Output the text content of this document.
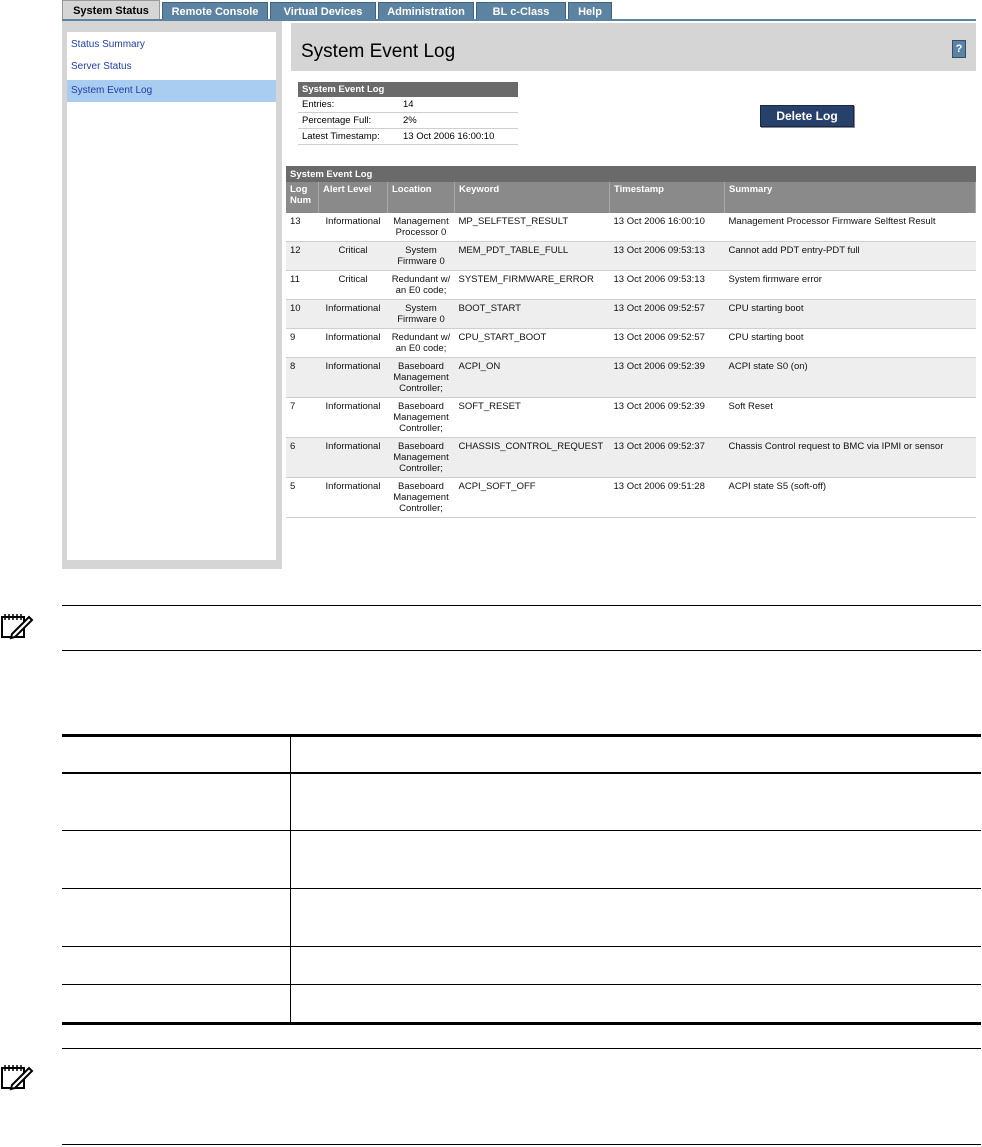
System Status	Remote Console	Virtual Devices	Administration	BL c-Class	Help
Status Summary
Server Status
System Event Log
System Event Log	?
System Event Log
Entries:	14
Percentage Full:	2%
Latest Timestamp: 13 Oct 2006 16:00:10
Delete Log
System Event Log					
Log Num	Alert Level	Location	Keyword	Timestamp	Summary
13	Informational	Management Processor 0	MP_SELFTEST_RESULT	13 Oct 2006 16:00:10	Management Processor Firmware Selftest Result
12	Critical	System Firmware 0	MEM_PDT_TABLE_FULL	13 Oct 2006 09:53:13	Cannot add PDT entry-PDT full
11	Critical	Redundant w/ an E0 code;	SYSTEM_FIRMWARE_ERROR	13 Oct 2006 09:53:13	System firmware error
10	Informational	System Firmware 0	BOOT_START	13 Oct 2006 09:52:57	CPU starting boot
9	Informational	Redundant w/ an E0 code;	CPU_START_BOOT	13 Oct 2006 09:52:57	CPU starting boot
8	Informational	Baseboard Management Controller;	ACPI_ON	13 Oct 2006 09:52:39	ACPI state S0 (on)
7	Informational	Baseboard Management Controller;	SOFT_RESET	13 Oct 2006 09:52:39	Soft Reset
6	Informational	Baseboard Management Controller;	CHASSIS_CONTROL_REQUEST	13 Oct 2006 09:52:37	Chassis Control request to BMC via IPMI or sensor
5	Informational	Baseboard Management Controller;	ACPI_SOFT_OFF	13 Oct 2006 09:51:28	ACPI state S5 (soft-off)
